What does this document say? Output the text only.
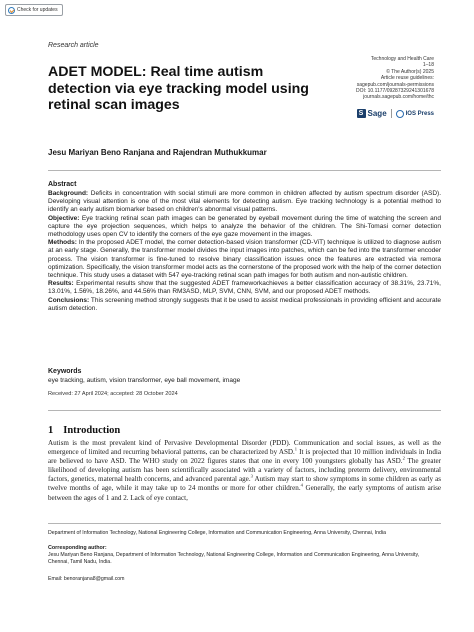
Check for updates
Research article
Technology and Health Care
1–18
© The Author(s) 2025
Article reuse guidelines:
sagepub.com/journals-permissions
DOI: 10.1177/09287329241301678
journals.sagepub.com/home/thc
ADET MODEL: Real time autism detection via eye tracking model using retinal scan images
S Sage	IOS Press
Jesu Mariyan Beno Ranjana and Rajendran Muthukkumar
Abstract

Background: Deficits in concentration with social stimuli are more common in children affected by autism spectrum disorder (ASD). Developing visual attention is one of the most vital elements for detecting autism. Eye tracking technology is a potential method to identify an early autism biomarker based on children's abnormal visual patterns.

Objective: Eye tracking retinal scan path images can be generated by eyeball movement during the time of watching the screen and capture the eye projection sequences, which helps to analyze the behavior of the children. The Shi-Tomasi corner detection methodology uses open CV to identify the corners of the eye gaze movement in the images.

Methods: In the proposed ADET model, the corner detection-based vision transformer (CD-ViT) technique is utilized to diagnose autism at an early stage. Generally, the transformer model divides the input images into patches, which can be fed into the transformer encoder process. The vision transformer is fine-tuned to resolve binary classification issues once the features are extracted via remora optimization. Specifically, the vision transformer model acts as the cornerstone of the proposed work with the help of the corner detection technique. This study uses a dataset with 547 eye-tracking retinal scan path images for both autism and non-autistic children.

Results: Experimental results show that the suggested ADET frameworkachieves a better classification accuracy of 38.31%, 23.71%, 13.01%, 1.56%, 18.26%, and 44.56% than RM3ASD, MLP, SVM, CNN, SVM, and our proposed ADET methods.

Conclusions: This screening method strongly suggests that it be used to assist medical professionals in providing efficient and accurate autism detection.

Keywords
eye tracking, autism, vision transformer, eye ball movement, image
Received: 27 April 2024; accepted: 28 October 2024
1 Introduction
Autism is the most prevalent kind of Pervasive Developmental Disorder (PDD). Communication and social issues, as well as the emergence of limited and recurring behavioral patterns, can be characterized by ASD.$^1$ It is projected that 10 million individuals in India are believed to have ASD. The WHO study on 2022 figures states that one in every 100 youngsters globally has ASD.$^2$ The greater likelihood of developing autism has been scientifically associated with a variety of factors, including preterm delivery, environmental factors, genetics, maternal health concerns, and advanced parental age.$^3$ Autism may start to show symptoms in some children as early as twelve months of age, while it may take up to 24 months or more for other children.$^4$ Generally, the early symptoms of autism arise between the ages of 1 and 2. Lack of eye contact,
Department of Information Technology, National Engineering College, Information and Communication Engineering, Anna University, Chennai, India
Corresponding author:
Jesu Mariyan Beno Ranjana, Department of Information Technology, National Engineering College, Information and Communication Engineering, Anna University,
Chennai, Tamil Nadu, India.
Email: benoranjana8@gmail.com
